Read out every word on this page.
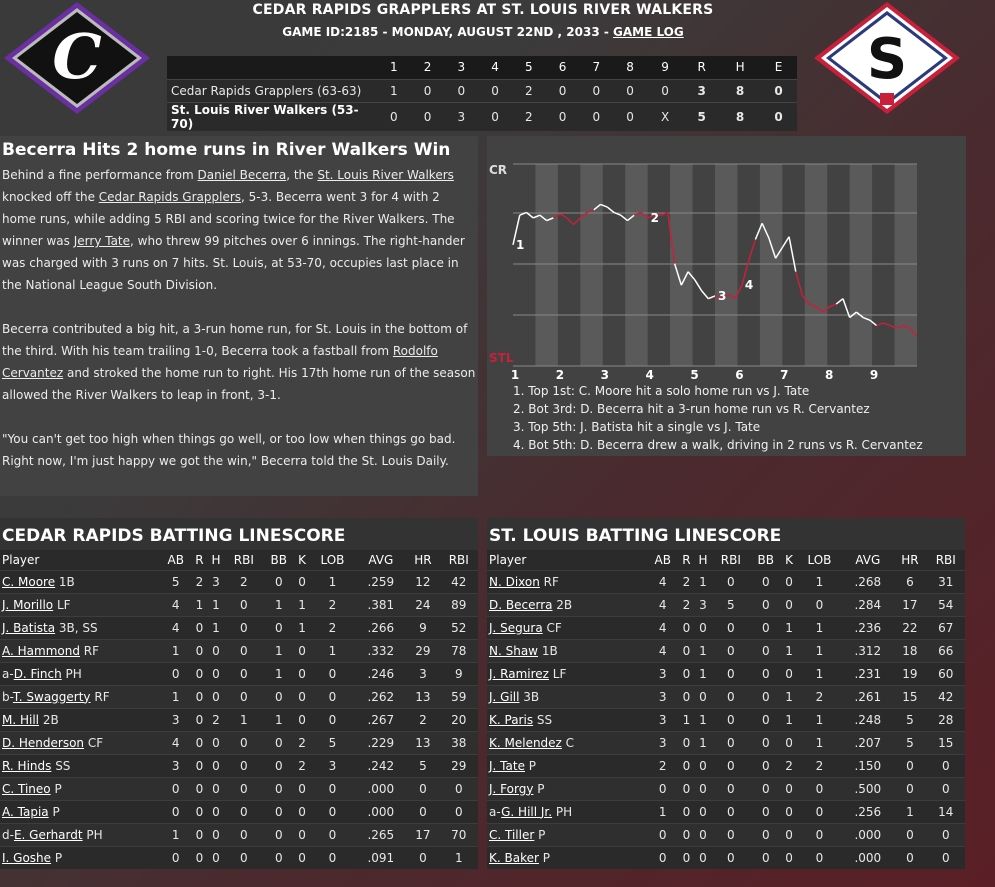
C	S
CEDAR RAPIDS GRAPPLERS AT ST. LOUIS RIVER WALKERS
GAME ID:2185 - MONDAY, AUGUST 22ND , 2033 - GAME LOG
	1	2	3	4	5	6	7	8	9	R	H	E
Cedar Rapids Grapplers (63-63)	1	0	0	0	2	0	0	0	0	3	8	0
St. Louis River Walkers (53-70)	0	0	3	0	2	0	0	0	X	5	8	0
Becerra Hits 2 home runs in River Walkers Win

Behind a fine performance from Daniel Becerra, the St. Louis River Walkers knocked off the Cedar Rapids Grapplers, 5-3. Becerra went 3 for 4 with 2 home runs, while adding 5 RBI and scoring twice for the River Walkers. The winner was Jerry Tate, who threw 99 pitches over 6 innings. The right-hander was charged with 3 runs on 7 hits. St. Louis, at 53-70, occupies last place in the National League South Division.

Becerra contributed a big hit, a 3-run home run, for St. Louis in the bottom of the third. With his team trailing 1-0, Becerra took a fastball from Rodolfo Cervantez and stroked the home run to right. His 17th home run of the season allowed the River Walkers to leap in front, 3-1.

"You can't get too high when things go well, or too low when things go bad. Right now, I'm just happy we got the win," Becerra told the St. Louis Daily.

CR
STL
1
2
3
4
1	2	3	4	5	6	7	8	9
1. Top 1st: C. Moore hit a solo home run vs J. Tate
2. Bot 3rd: D. Becerra hit a 3-run home run vs R. Cervantez
3. Top 5th: J. Batista hit a single vs J. Tate
4. Bot 5th: D. Becerra drew a walk, driving in 2 runs vs R. Cervantez
CEDAR RAPIDS BATTING LINESCORE
Player	AB	R	H	RBI	BB	K	LOB	AVG	HR	RBI
C. Moore 1B	5	2	3	2	0	0	1	.259	12	42
J. Morillo LF	4	1	1	0	1	1	2	.381	24	89
J. Batista 3B, SS	4	0	1	0	0	1	2	.266	9	52
A. Hammond RF	1	0	0	0	1	0	1	.332	29	78
a-D. Finch PH	0	0	0	0	1	0	0	.246	3	9
b-T. Swaggerty RF	1	0	0	0	0	0	0	.262	13	59
M. Hill 2B	3	0	2	1	1	0	0	.267	2	20
D. Henderson CF	4	0	0	0	0	2	5	.229	13	38
R. Hinds SS	3	0	0	0	0	2	3	.242	5	29
C. Tineo P	0	0	0	0	0	0	0	.000	0	0
A. Tapia P	0	0	0	0	0	0	0	.000	0	0
d-E. Gerhardt PH	1	0	0	0	0	0	0	.265	17	70
I. Goshe P	0	0	0	0	0	0	0	.091	0	1
ST. LOUIS BATTING LINESCORE
Player	AB	R	H	RBI	BB	K	LOB	AVG	HR	RBI
N. Dixon RF	4	2	1	0	0	0	1	.268	6	31
D. Becerra 2B	4	2	3	5	0	0	0	.284	17	54
J. Segura CF	4	0	0	0	0	1	1	.236	22	67
N. Shaw 1B	4	0	1	0	0	1	1	.312	18	66
J. Ramirez LF	3	0	1	0	0	0	1	.231	19	60
J. Gill 3B	3	0	0	0	0	1	2	.261	15	42
K. Paris SS	3	1	1	0	0	1	1	.248	5	28
K. Melendez C	3	0	1	0	0	0	1	.207	5	15
J. Tate P	2	0	0	0	0	2	2	.150	0	0
J. Forgy P	0	0	0	0	0	0	0	.500	0	0
a-G. Hill Jr. PH	1	0	0	0	0	0	0	.256	1	14
C. Tiller P	0	0	0	0	0	0	0	.000	0	0
K. Baker P	0	0	0	0	0	0	0	.000	0	0
